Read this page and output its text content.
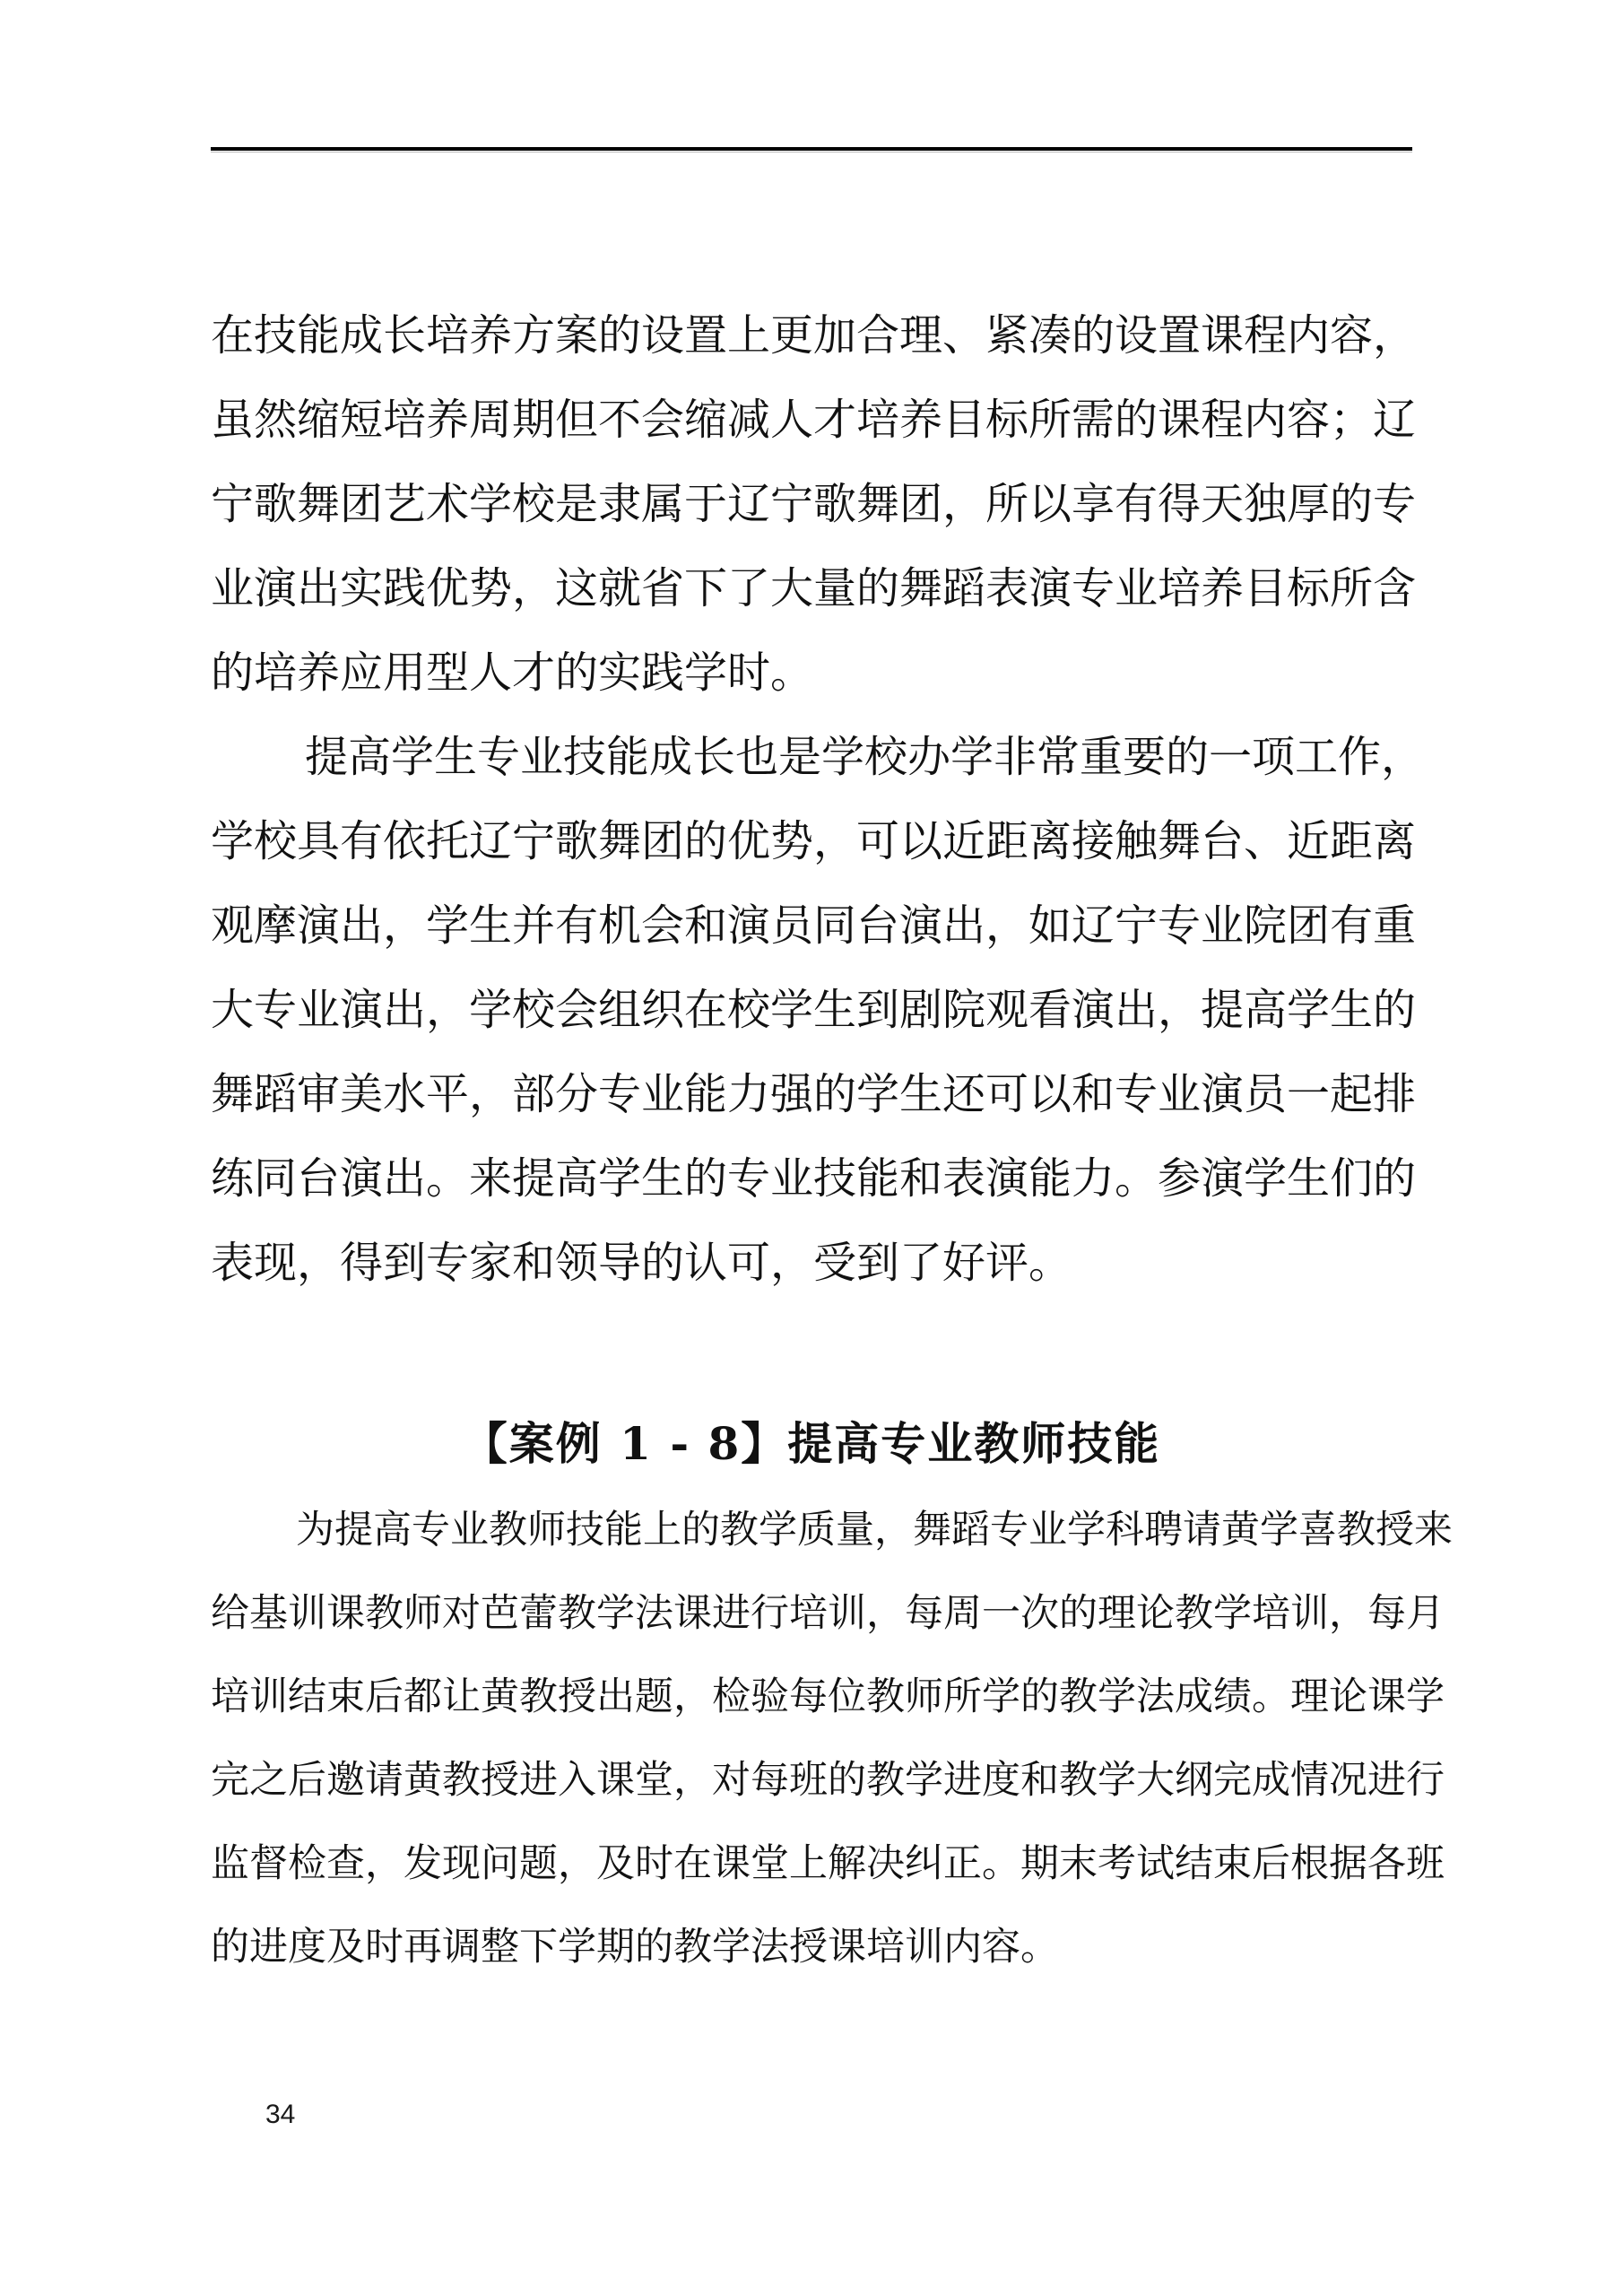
在技能成长培养方案的设置上更加合理、紧凑的设置课程内容，
虽然缩短培养周期但不会缩减人才培养目标所需的课程内容；辽
宁歌舞团艺术学校是隶属于辽宁歌舞团，所以享有得天独厚的专
业演出实践优势，这就省下了大量的舞蹈表演专业培养目标所含
的培养应用型人才的实践学时。
提高学生专业技能成长也是学校办学非常重要的一项工作，
学校具有依托辽宁歌舞团的优势，可以近距离接触舞台、近距离
观摩演出，学生并有机会和演员同台演出，如辽宁专业院团有重
大专业演出，学校会组织在校学生到剧院观看演出，提高学生的
舞蹈审美水平，部分专业能力强的学生还可以和专业演员一起排
练同台演出。来提高学生的专业技能和表演能力。参演学生们的
表现，得到专家和领导的认可，受到了好评。
【案例 1 - 8】提高专业教师技能
为提高专业教师技能上的教学质量，舞蹈专业学科聘请黄学喜教授来
给基训课教师对芭蕾教学法课进行培训，每周一次的理论教学培训，每月
培训结束后都让黄教授出题，检验每位教师所学的教学法成绩。理论课学
完之后邀请黄教授进入课堂，对每班的教学进度和教学大纲完成情况进行
监督检查，发现问题，及时在课堂上解决纠正。期末考试结束后根据各班
的进度及时再调整下学期的教学法授课培训内容。
34
